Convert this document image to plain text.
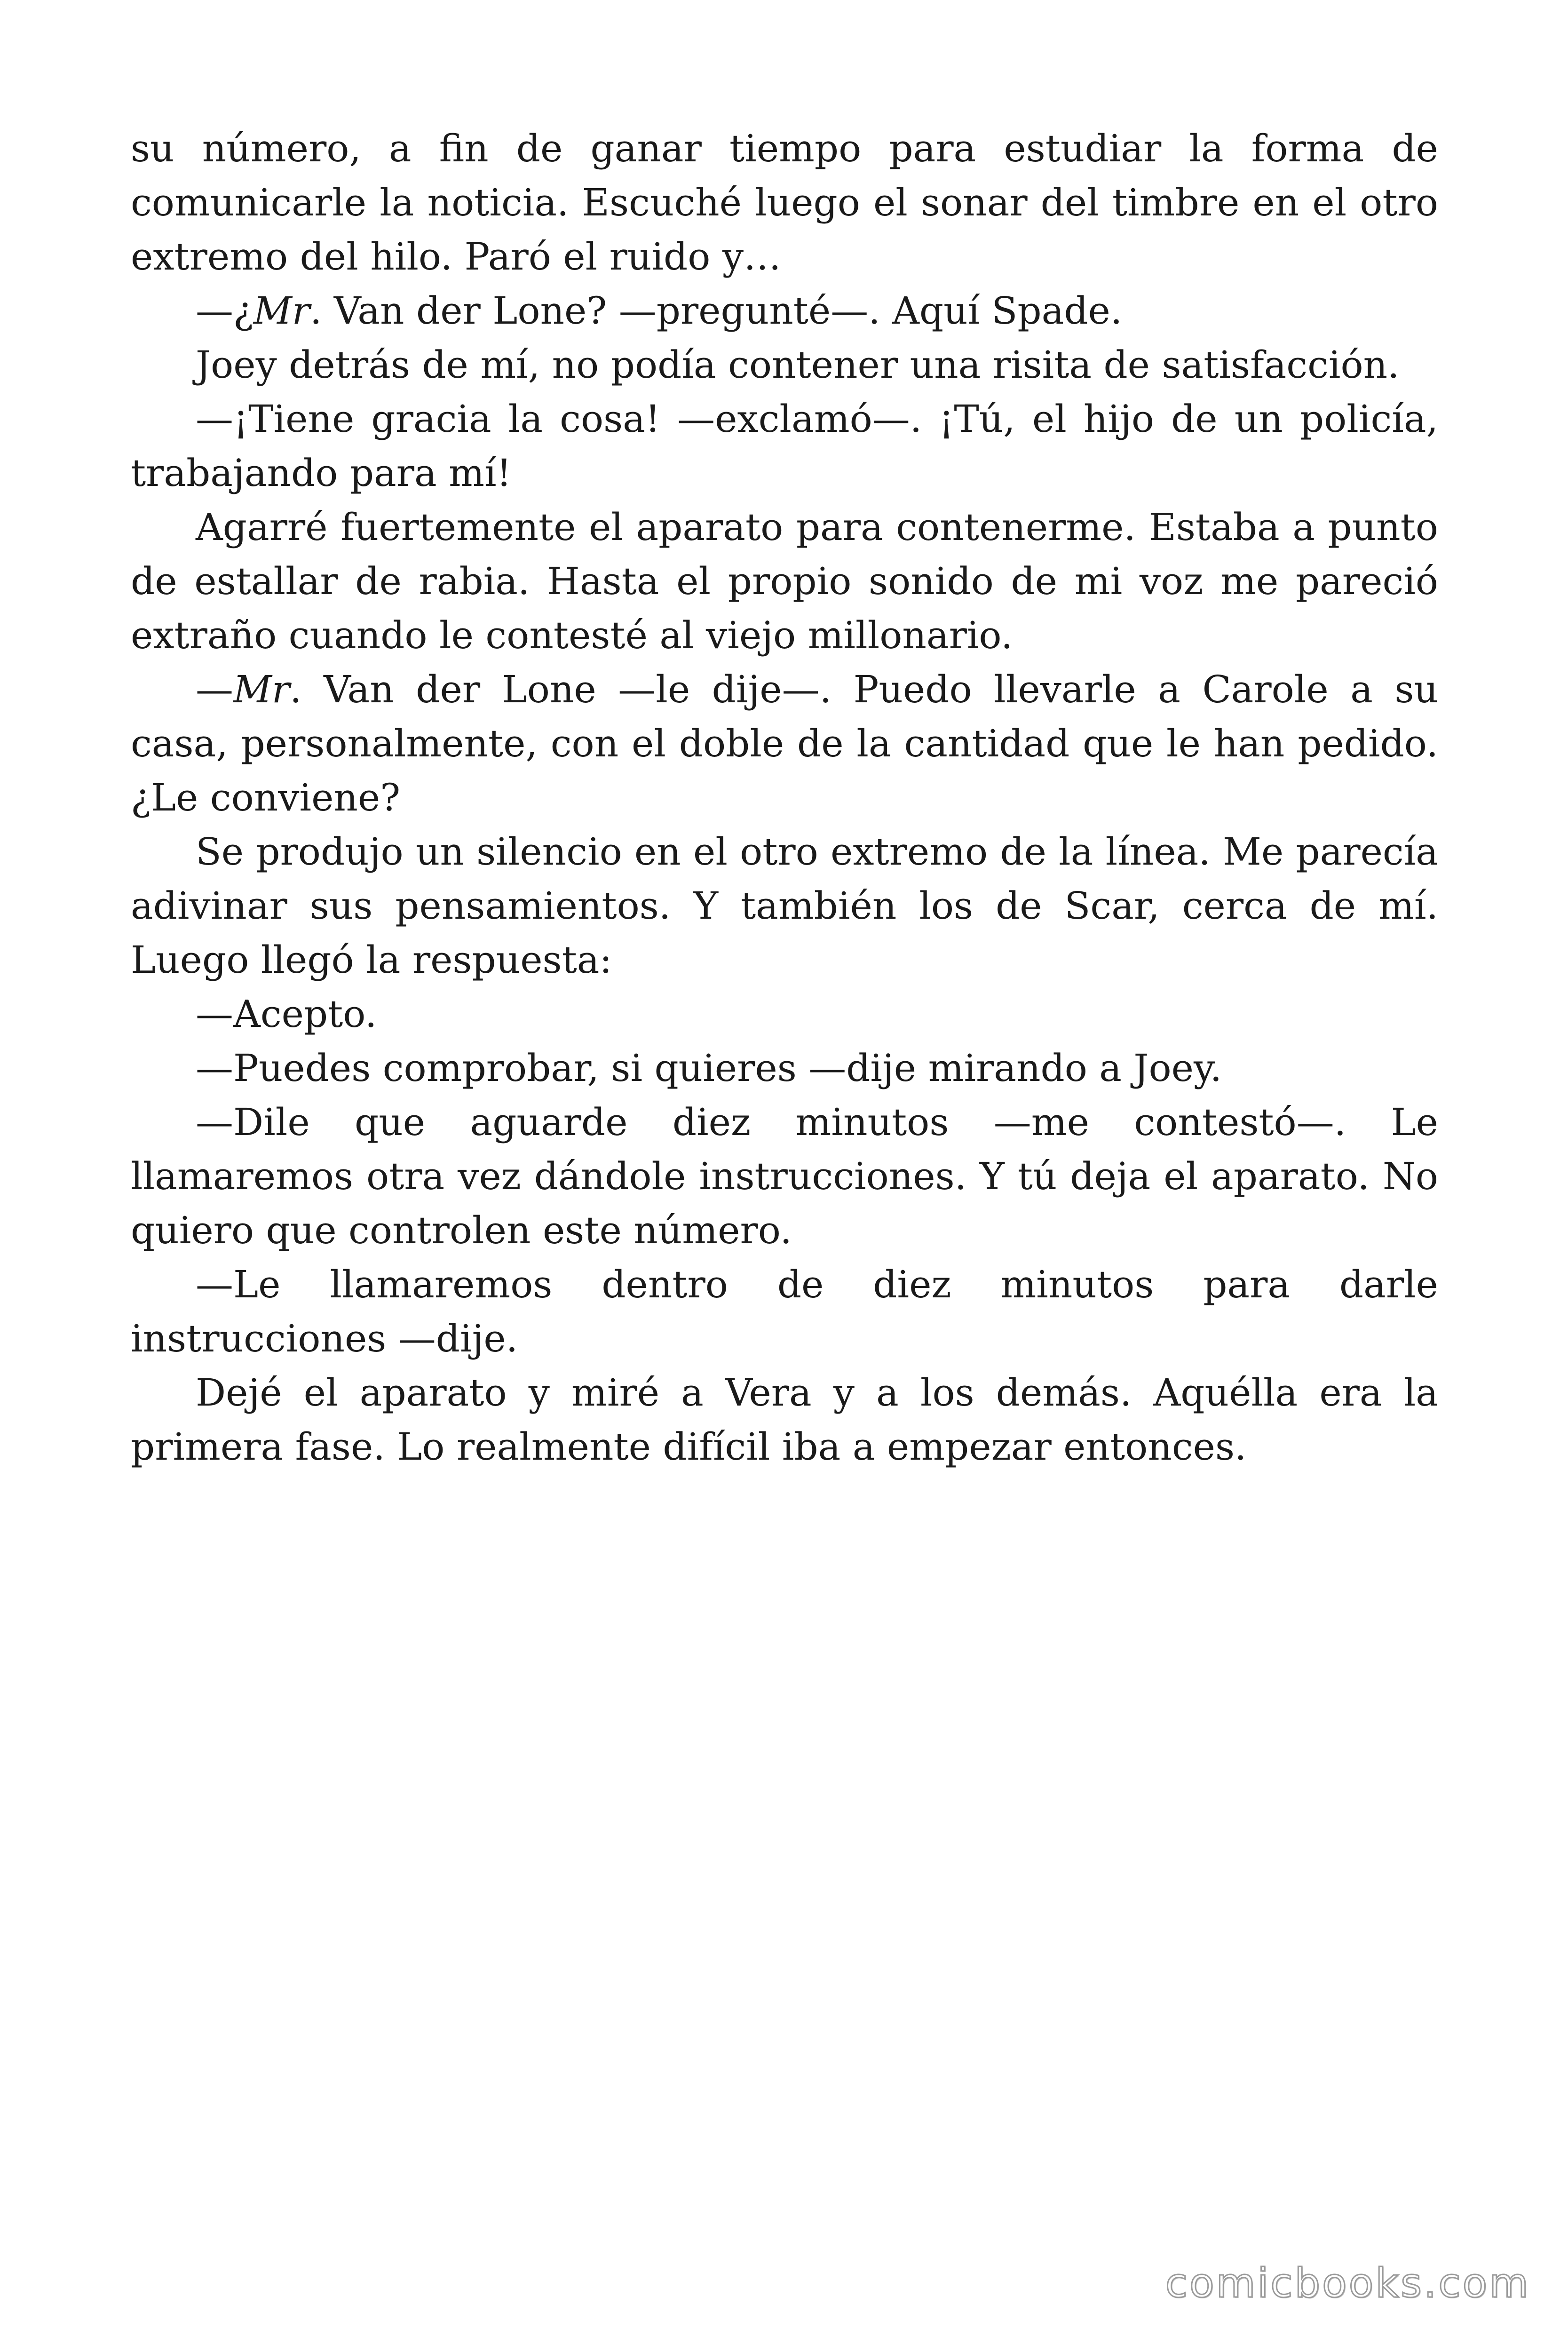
su número, a fin de ganar tiempo para estudiar la forma de comunicarle la noticia. Escuché luego el sonar del timbre en el otro extremo del hilo. Paró el ruido y…

—¿Mr. Van der Lone? —pregunté—. Aquí Spade.

Joey detrás de mí, no podía contener una risita de satisfacción.

—¡Tiene gracia la cosa! —exclamó—. ¡Tú, el hijo de un policía, trabajando para mí!

Agarré fuertemente el aparato para contenerme. Estaba a punto de estallar de rabia. Hasta el propio sonido de mi voz me pareció extraño cuando le contesté al viejo millonario.

—Mr. Van der Lone —le dije—. Puedo llevarle a Carole a su casa, personalmente, con el doble de la cantidad que le han pedido. ¿Le conviene?

Se produjo un silencio en el otro extremo de la línea. Me parecía adivinar sus pensamientos. Y también los de Scar, cerca de mí. Luego llegó la respuesta:

—Acepto.

—Puedes comprobar, si quieres —dije mirando a Joey.

—Dile que aguarde diez minutos —me contestó—. Le llamaremos otra vez dándole instrucciones. Y tú deja el aparato. No quiero que controlen este número.

—Le llamaremos dentro de diez minutos para darle instrucciones —dije.

Dejé el aparato y miré a Vera y a los demás. Aquélla era la primera fase. Lo realmente difícil iba a empezar entonces.

comicbooks.com
